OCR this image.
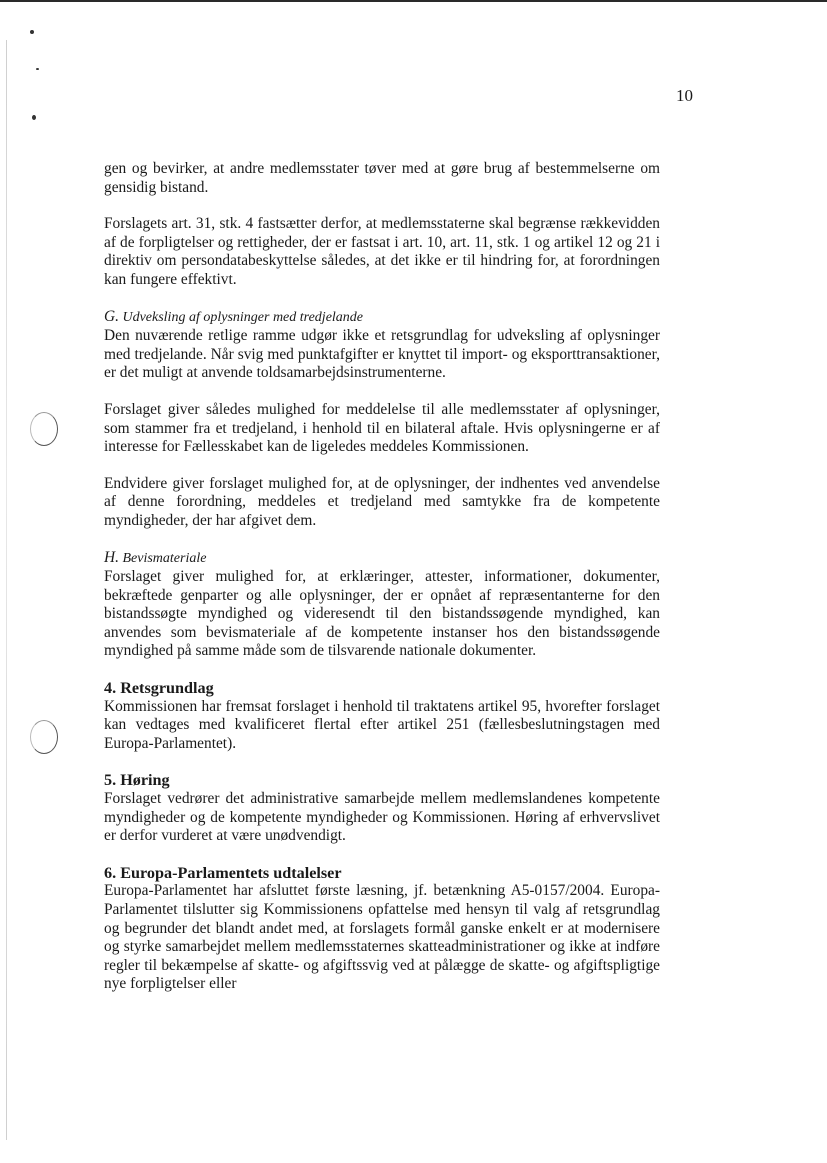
10

gen og bevirker, at andre medlemsstater tøver med at gøre brug af bestemmelserne om gensidig bistand.

Forslagets art. 31, stk. 4 fastsætter derfor, at medlemsstaterne skal begrænse rækkevidden af de forpligtelser og rettigheder, der er fastsat i art. 10, art. 11, stk. 1 og artikel 12 og 21 i direktiv om persondatabeskyttelse således, at det ikke er til hindring for, at forordningen kan fungere effektivt.

G. Udveksling af oplysninger med tredjelande

Den nuværende retlige ramme udgør ikke et retsgrundlag for udveksling af oplysninger med tredjelande. Når svig med punktafgifter er knyttet til import- og eksporttransaktioner, er det muligt at anvende toldsamarbejdsinstrumenterne.

Forslaget giver således mulighed for meddelelse til alle medlemsstater af oplysninger, som stammer fra et tredjeland, i henhold til en bilateral aftale. Hvis oplysningerne er af interesse for Fællesskabet kan de ligeledes meddeles Kommissionen.

Endvidere giver forslaget mulighed for, at de oplysninger, der indhentes ved anvendelse af denne forordning, meddeles et tredjeland med samtykke fra de kompetente myndigheder, der har afgivet dem.

H. Bevismateriale

Forslaget giver mulighed for, at erklæringer, attester, informationer, dokumenter, bekræftede genparter og alle oplysninger, der er opnået af repræsentanterne for den bistandssøgte myndighed og videresendt til den bistandssøgende myndighed, kan anvendes som bevismateriale af de kompetente instanser hos den bistandssøgende myndighed på samme måde som de tilsvarende nationale dokumenter.

4. Retsgrundlag

Kommissionen har fremsat forslaget i henhold til traktatens artikel 95, hvorefter forslaget kan vedtages med kvalificeret flertal efter artikel 251 (fællesbeslutningstagen med Europa-Parlamentet).

5. Høring

Forslaget vedrører det administrative samarbejde mellem medlemslandenes kompetente myndigheder og de kompetente myndigheder og Kommissionen. Høring af erhvervslivet er derfor vurderet at være unødvendigt.

6. Europa-Parlamentets udtalelser

Europa-Parlamentet har afsluttet første læsning, jf. betænkning A5-0157/2004. Europa-Parlamentet tilslutter sig Kommissionens opfattelse med hensyn til valg af retsgrundlag og begrunder det blandt andet med, at forslagets formål ganske enkelt er at modernisere og styrke samarbejdet mellem medlemsstaternes skatteadministrationer og ikke at indføre regler til bekæmpelse af skatte- og afgiftssvig ved at pålægge de skatte- og afgiftspligtige nye forpligtelser eller
